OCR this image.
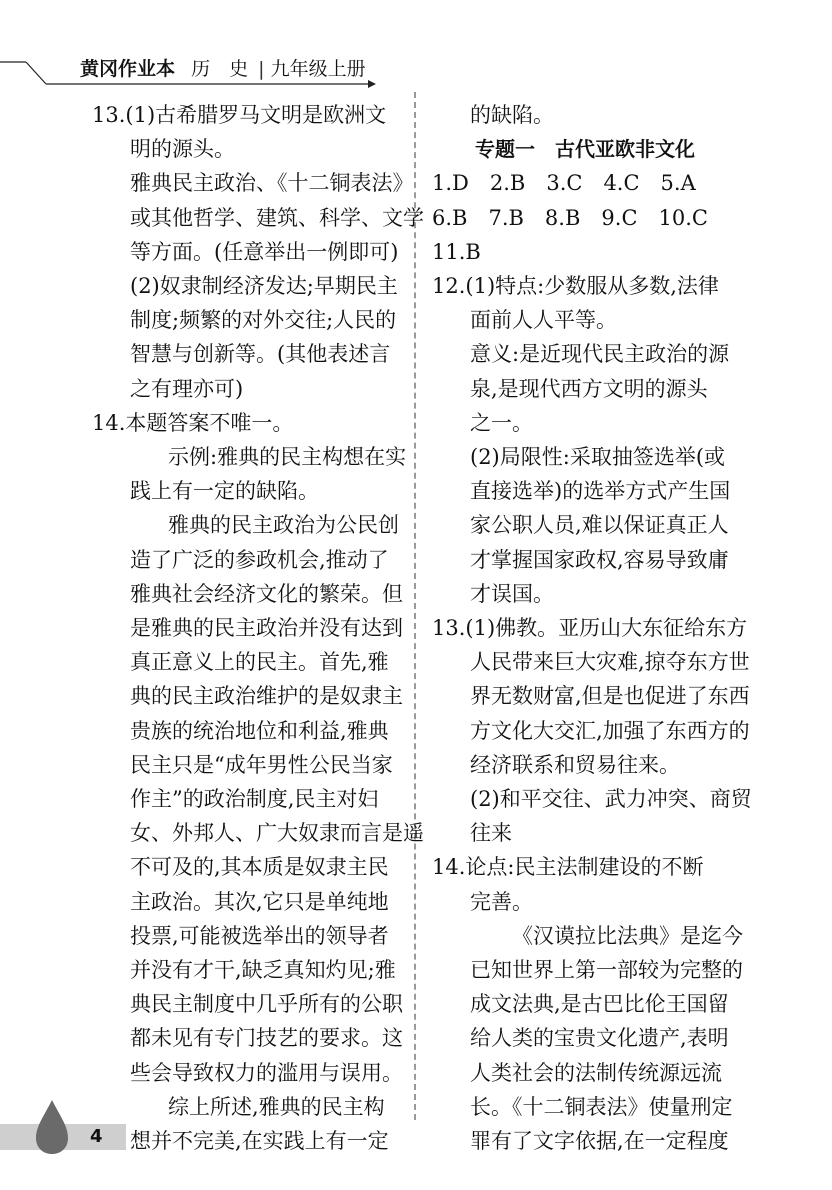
黄冈作业本 历　史 | 九年级上册
13.(1)古希腊罗马文明是欧洲文
明的源头。
雅典民主政治、《十二铜表法》
或其他哲学、建筑、科学、文学
等方面。(任意举出一例即可)
(2)奴隶制经济发达;早期民主
制度;频繁的对外交往;人民的
智慧与创新等。(其他表述言
之有理亦可)
14.本题答案不唯一。
示例:雅典的民主构想在实
践上有一定的缺陷。
雅典的民主政治为公民创
造了广泛的参政机会,推动了
雅典社会经济文化的繁荣。但
是雅典的民主政治并没有达到
真正意义上的民主。首先,雅
典的民主政治维护的是奴隶主
贵族的统治地位和利益,雅典
民主只是“成年男性公民当家
作主”的政治制度,民主对妇
女、外邦人、广大奴隶而言是遥
不可及的,其本质是奴隶主民
主政治。其次,它只是单纯地
投票,可能被选举出的领导者
并没有才干,缺乏真知灼见;雅
典民主制度中几乎所有的公职
都未见有专门技艺的要求。这
些会导致权力的滥用与误用。
综上所述,雅典的民主构
想并不完美,在实践上有一定
的缺陷。
专题一　古代亚欧非文化
1.D　2.B　3.C　4.C　5.A
6.B　7.B　8.B　9.C　10.C
11.B
12.(1)特点:少数服从多数,法律
面前人人平等。
意义:是近现代民主政治的源
泉,是现代西方文明的源头
之一。
(2)局限性:采取抽签选举(或
直接选举)的选举方式产生国
家公职人员,难以保证真正人
才掌握国家政权,容易导致庸
才误国。
13.(1)佛教。亚历山大东征给东方
人民带来巨大灾难,掠夺东方世
界无数财富,但是也促进了东西
方文化大交汇,加强了东西方的
经济联系和贸易往来。
(2)和平交往、武力冲突、商贸
往来
14.论点:民主法制建设的不断
完善。
《汉谟拉比法典》是迄今
已知世界上第一部较为完整的
成文法典,是古巴比伦王国留
给人类的宝贵文化遗产,表明
人类社会的法制传统源远流
长。《十二铜表法》使量刑定
罪有了文字依据,在一定程度
4
